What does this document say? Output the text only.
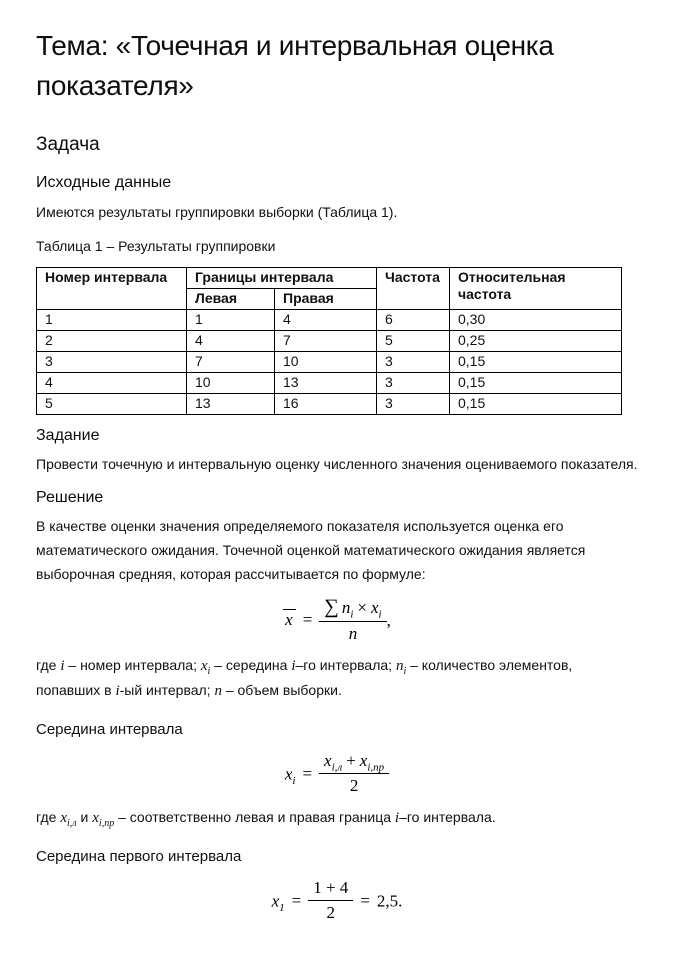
Тема: «Точечная и интервальная оценка показателя»
Задача
Исходные данные

Имеются результаты группировки выборки (Таблица 1).

Таблица 1 – Результаты группировки

Номер интервала	Границы интервала		Частота	Относительная частота
	Левая	Правая		
1	1	4	6	0,30
2	4	7	5	0,25
3	7	10	3	0,15
4	10	13	3	0,15
5	13	16	3	0,15
Задание

Провести точечную и интервальную оценку численного значения оцениваемого показателя.

Решение

В качестве оценки значения определяемого показателя используется оценка его математического ожидания. Точечной оценкой математического ожидания является выборочная средняя, которая рассчитывается по формуле:

$x = \frac{\sum n_i \times x_i}{n}$ ,

где i – номер интервала; $x_i$ – середина i–го интервала; $n_i$ – количество элементов, попавших в i-ый интервал; n – объем выборки.

Середина интервала

$x_i = \frac{x_{i,л} + x_{i,пр}}{2}$

где $x_{i,л}$ и $x_{i,пр}$ – соответственно левая и правая граница i–го интервала.

Середина первого интервала

$x_1 = \frac{1 + 4}{2} = 2,5$.
